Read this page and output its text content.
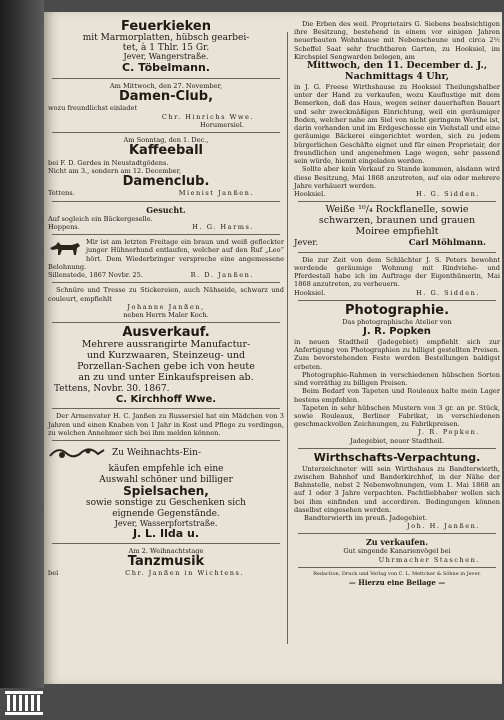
Feuerkieken

mit Marmorplatten, hübsch gearbei-

tet, à 1 Thlr. 15 Gr.

Jever, Wangerstraße.

C. Töbelmann.

Am Mittwoch, den 27. November,

Damen-Club,

wozu freundlichst einladet

Chr. Hinrichs Wwe.

Horumersiel.

Am Sonntag, den 1. Dec.,

Kaffeeball

bei F. D. Gerdes in Neustadtgödens.

Nicht am 3., sondern am 12. December,

Damenclub.

Tettens.	Mienist Janßen.

Gesucht.

Auf sogleich ein Bäckergeselle.

Hoppens.	H. G. Harms.

Mir ist am letzten Freitage ein braun und weiß gefleckter junger Hühnerhund entlaufen, welcher auf den Ruf „Leo“ hört. Dem Wiederbringer verspreche eine angemessene Belohnung.

Sillenstede, 1867 Novbr. 25.	R. D. Janßen.

Schnüre und Tresse zu Stickereien, auch Nähseide, schwarz und couleurt, empfiehlt

Johanne Janßen,

neben Herrn Maler Koch.

Ausverkauf.

Mehrere aussrangirte Manufactur-

und Kurzwaaren, Steinzeug- und

Porzellan-Sachen gebe ich von heute

an zu und unter Einkaufspreisen ab.

Tettens, Novbr. 30. 1867.

C. Kirchhoff Wwe.

Der Armenvater H. C. Janßen zu Russersiel hat ein Mädchen von 3 Jahren und einen Knaben von 1 Jahr in Kost und Pflege zu verdingen, zu welchen Annehmer sich bei ihm melden können.

Zu Weihnachts-Ein-

käufen empfehle ich eine

Auswahl schöner und billiger

Spielsachen,

sowie sonstige zu Geschenken sich

eignende Gegenstände.

Jever, Wasserpfortstraße.

J. L. Ilda u.

Am 2. Weihnachtstage

Tanzmusik

bei	Chr. Janßen in Wichtens.

Die Erben des weil. Proprietairs G. Siebens beabsichtigen ihre Besitzung, bestehend in einem vor einigen Jahren neuerbauten Wohnhause mit Nebenscheune und circa 2½ Scheffel Saat sehr fruchtbaren Garten, zu Hooksiel, im Kirchspiel Sengwarden belegen, am

Mittwoch, den 11. December d. J.,

Nachmittags 4 Uhr,

in J. G. Freese Wirthshause zu Hooksiel Theilungshalber unter der Hand zu verkaufen, wozu Kauflustige mit dem Bemerken, daß das Haus, wegen seiner dauerhaften Bauart und sehr zweckmäßigen Einrichtung, weil ein geräumiger Boden, welcher nahe am Siel von nicht geringem Werthe ist, darin vorhanden und im Erdgeschosse ein Viehstall und eine geräumige Bäckerei eingerichtet worden, sich zu jedem bürgerlichen Geschäfte eignet und für einen Proprietair, der freundlichen und angenehmen Lage wegen, sehr passend sein würde, hiemit eingeladen werden.

Sollte aber kein Verkauf zu Stande kommen, alsdann wird diese Besitzung, Mai 1868 anzutreten, auf ein oder mehrere Jahre verhäuert werden.

Hooksiel.	H. G. Sidden.

Weiße ¹⁰/₄ Rockflanelle, sowie

schwarzen, braunen und grauen

Moiree empfiehlt

Jever.	Carl Möhlmann.

Die zur Zeit von dem Schlächter J. S. Peters bewohnt werdende geräumige Wohnung mit Rindviehe- und Pferdestall habe ich im Auftrage der Eigenthümerin, Mai 1868 anzutreten, zu verheuern.

Hooksiel.	H. G. Sidden.

Photographie.

Das photographische Atelier von

J. R. Popken

in neuen Stadtheil (Jadegebiet) empfiehlt sich zur Anfertigung von Photographien zu billigst gestellten Preisen. Zum bevorstehenden Feste werden Bestellungen baldigst erbeten.

Photographie-Rahmen in verschiedenen hübschen Sorten sind vorräthig zu billigen Preisen.

Beim Bedarf von Tapeten und Rouleaux halte mein Lager bestens empfohlen.

Tapeten in sehr hübschen Mustern von 3 gr. an pr. Stück, sowie Rouleaux, Berliner Fabrikat, in verschiedenen geschmackvollen Zeichnungen, zu Fabrikpreisen.

J. R. Popken.

Jadegebiet, neuer Stadtheil.

Wirthschafts-Verpachtung.

Unterzeichneter will sein Wirthshaus zu Bandterwierth, zwischen Bahnhof und Banderkirchhof, in der Nähe der Bahnstelle, nebst 2 Nebenwohnungen, vom 1. Mai 1868 an auf 1 oder 3 Jahre verpachten. Pachtliebhaber wollen sich bei ihm einfinden und accordiren. Bedingungen können daselbst eingesehen werden.

Bandterwierth im preuß. Jadegebiet.

Joh. H. Janßen.

Zu verkaufen.

Gut singende Kanarienvögel bei

Uhrmacher Staschen.

Redaction, Druck und Verlag von C. L. Mettcker & Söhne in Jever.

— Hierzu eine Beilage —
